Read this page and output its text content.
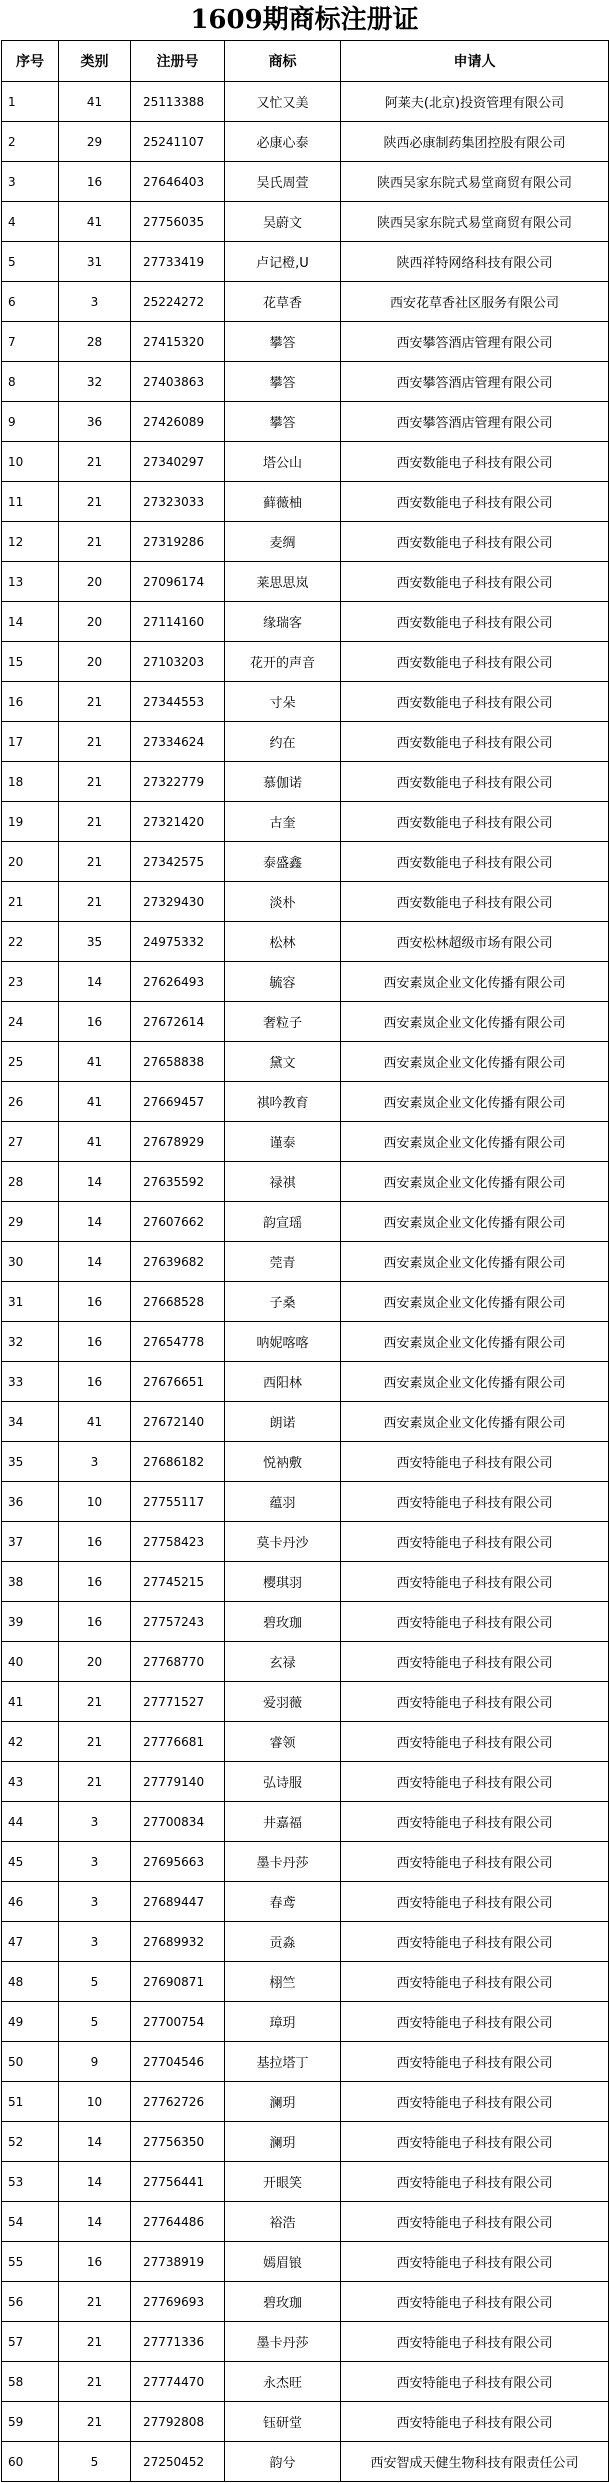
1609期商标注册证
序号	类别	注册号	商标	申请人
1	41	25113388	又忙又美	阿莱夫(北京)投资管理有限公司
2	29	25241107	必康心泰	陕西必康制药集团控股有限公司
3	16	27646403	吴氏周萱	陕西吴家东院式易堂商贸有限公司
4	41	27756035	吴蔚文	陕西吴家东院式易堂商贸有限公司
5	31	27733419	卢记橙,U	陕西祥特网络科技有限公司
6	3	25224272	花草香	西安花草香社区服务有限公司
7	28	27415320	攀答	西安攀答酒店管理有限公司
8	32	27403863	攀答	西安攀答酒店管理有限公司
9	36	27426089	攀答	西安攀答酒店管理有限公司
10	21	27340297	塔公山	西安数能电子科技有限公司
11	21	27323033	藓薇柚	西安数能电子科技有限公司
12	21	27319286	麦绸	西安数能电子科技有限公司
13	20	27096174	莱思思岚	西安数能电子科技有限公司
14	20	27114160	缘瑞客	西安数能电子科技有限公司
15	20	27103203	花开的声音	西安数能电子科技有限公司
16	21	27344553	寸朵	西安数能电子科技有限公司
17	21	27334624	约在	西安数能电子科技有限公司
18	21	27322779	慕伽诺	西安数能电子科技有限公司
19	21	27321420	古奎	西安数能电子科技有限公司
20	21	27342575	泰盛鑫	西安数能电子科技有限公司
21	21	27329430	淡朴	西安数能电子科技有限公司
22	35	24975332	松林	西安松林超级市场有限公司
23	14	27626493	毓容	西安素岚企业文化传播有限公司
24	16	27672614	奢粒子	西安素岚企业文化传播有限公司
25	41	27658838	黛文	西安素岚企业文化传播有限公司
26	41	27669457	祺吟教育	西安素岚企业文化传播有限公司
27	41	27678929	谨泰	西安素岚企业文化传播有限公司
28	14	27635592	禄祺	西安素岚企业文化传播有限公司
29	14	27607662	韵宣瑶	西安素岚企业文化传播有限公司
30	14	27639682	莞青	西安素岚企业文化传播有限公司
31	16	27668528	子桑	西安素岚企业文化传播有限公司
32	16	27654778	呐妮喀喀	西安素岚企业文化传播有限公司
33	16	27676651	西阳林	西安素岚企业文化传播有限公司
34	41	27672140	朗诺	西安素岚企业文化传播有限公司
35	3	27686182	悦衲敷	西安特能电子科技有限公司
36	10	27755117	蕴羽	西安特能电子科技有限公司
37	16	27758423	莫卡丹沙	西安特能电子科技有限公司
38	16	27745215	樱琪羽	西安特能电子科技有限公司
39	16	27757243	碧玫珈	西安特能电子科技有限公司
40	20	27768770	玄禄	西安特能电子科技有限公司
41	21	27771527	爱羽薇	西安特能电子科技有限公司
42	21	27776681	睿领	西安特能电子科技有限公司
43	21	27779140	弘诗服	西安特能电子科技有限公司
44	3	27700834	井嘉福	西安特能电子科技有限公司
45	3	27695663	墨卡丹莎	西安特能电子科技有限公司
46	3	27689447	春鸢	西安特能电子科技有限公司
47	3	27689932	贡淼	西安特能电子科技有限公司
48	5	27690871	栩竺	西安特能电子科技有限公司
49	5	27700754	璋玥	西安特能电子科技有限公司
50	9	27704546	基拉塔丁	西安特能电子科技有限公司
51	10	27762726	澜玥	西安特能电子科技有限公司
52	14	27756350	澜玥	西安特能电子科技有限公司
53	14	27756441	开眼笑	西安特能电子科技有限公司
54	14	27764486	裕浩	西安特能电子科技有限公司
55	16	27738919	嫣眉锒	西安特能电子科技有限公司
56	21	27769693	碧玫珈	西安特能电子科技有限公司
57	21	27771336	墨卡丹莎	西安特能电子科技有限公司
58	21	27774470	永杰旺	西安特能电子科技有限公司
59	21	27792808	钰研堂	西安特能电子科技有限公司
60	5	27250452	韵兮	西安智成天健生物科技有限责任公司
